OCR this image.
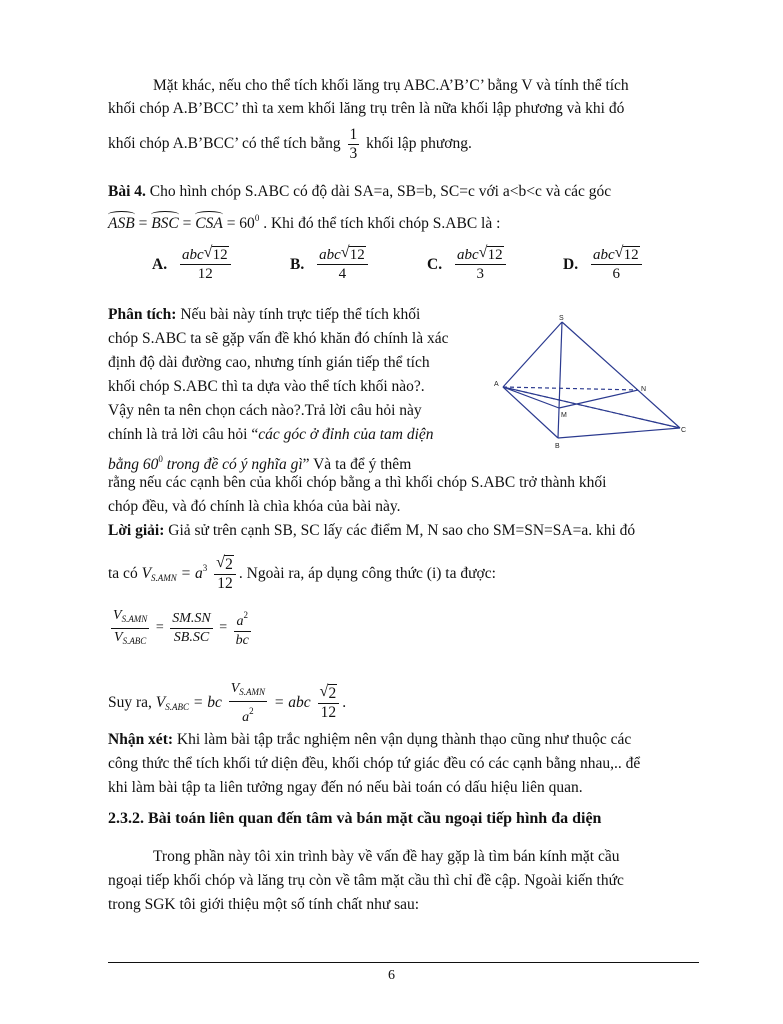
Mặt khác, nếu cho thể tích khối lăng trụ ABC.A’B’C’ bằng V và tính thể tích
khối chóp A.B’BCC’ thì ta xem khối lăng trụ trên là nữa khối lập phương và khi đó
khối chóp A.B’BCC’ có thể tích bằng $\frac{1}{3}$ khối lập phương.
Bài 4. Cho hình chóp S.ABC có độ dài SA=a, SB=b, SC=c với a<b<c và các góc
ASB = BSC = CSA = $60^0$ . Khi đó thể tích khối chóp S.ABC là :
A. $\frac{\text{abc √ 12}}{12}$	B. $\frac{\text{abc √ 12}}{4}$	C. $\frac{\text{abc √ 12}}{3}$	D. $\frac{\text{abc √ 12}}{6}$
Phân tích: Nếu bài này tính trực tiếp thể tích khối
chóp S.ABC ta sẽ gặp vấn đề khó khăn đó chính là xác
định độ dài đường cao, nhưng tính gián tiếp thể tích
khối chóp S.ABC thì ta dựa vào thể tích khối nào?.
Vậy nên ta nên chọn cách nào?.Trả lời câu hỏi này
chính là trả lời câu hỏi “các góc ở đỉnh của tam diện
bằng $60^0$ trong đề có ý nghĩa gì” Và ta để ý thêm
rằng nếu các cạnh bên của khối chóp bằng a thì khối chóp S.ABC trở thành khối
chóp đều, và đó chính là chìa khóa của bài này.
S
A
B
C
M
N
Lời giải: Giả sử trên cạnh SB, SC lấy các điểm M, N sao cho SM=SN=SA=a. khi đó
ta có $V_{S.AMN} = a^3 \frac{√ 2}{12}$ . Ngoài ra, áp dụng công thức (i) ta được:
$\frac{V_{S.AMN}}{V_{S.ABC}} = \frac{SM.SN}{SB.SC} = \frac{a^2}{bc}$
Suy ra, $V_{S.ABC}$ = bc $\frac{V_{S.AMN}}{a^2}$ = abc $\frac{√ 2}{12}$ .
Nhận xét: Khi làm bài tập trắc nghiệm nên vận dụng thành thạo cũng như thuộc các
công thức thể tích khối tứ diện đều, khối chóp tứ giác đều có các cạnh bằng nhau,.. để
khi làm bài tập ta liên tưởng ngay đến nó nếu bài toán có dấu hiệu liên quan.
2.3.2. Bài toán liên quan đến tâm và bán mặt cầu ngoại tiếp hình đa diện
Trong phần này tôi xin trình bày về vấn đề hay gặp là tìm bán kính mặt cầu
ngoại tiếp khối chóp và lăng trụ còn về tâm mặt cầu thì chỉ đề cập. Ngoài kiến thức
trong SGK tôi giới thiệu một số tính chất như sau:
6
